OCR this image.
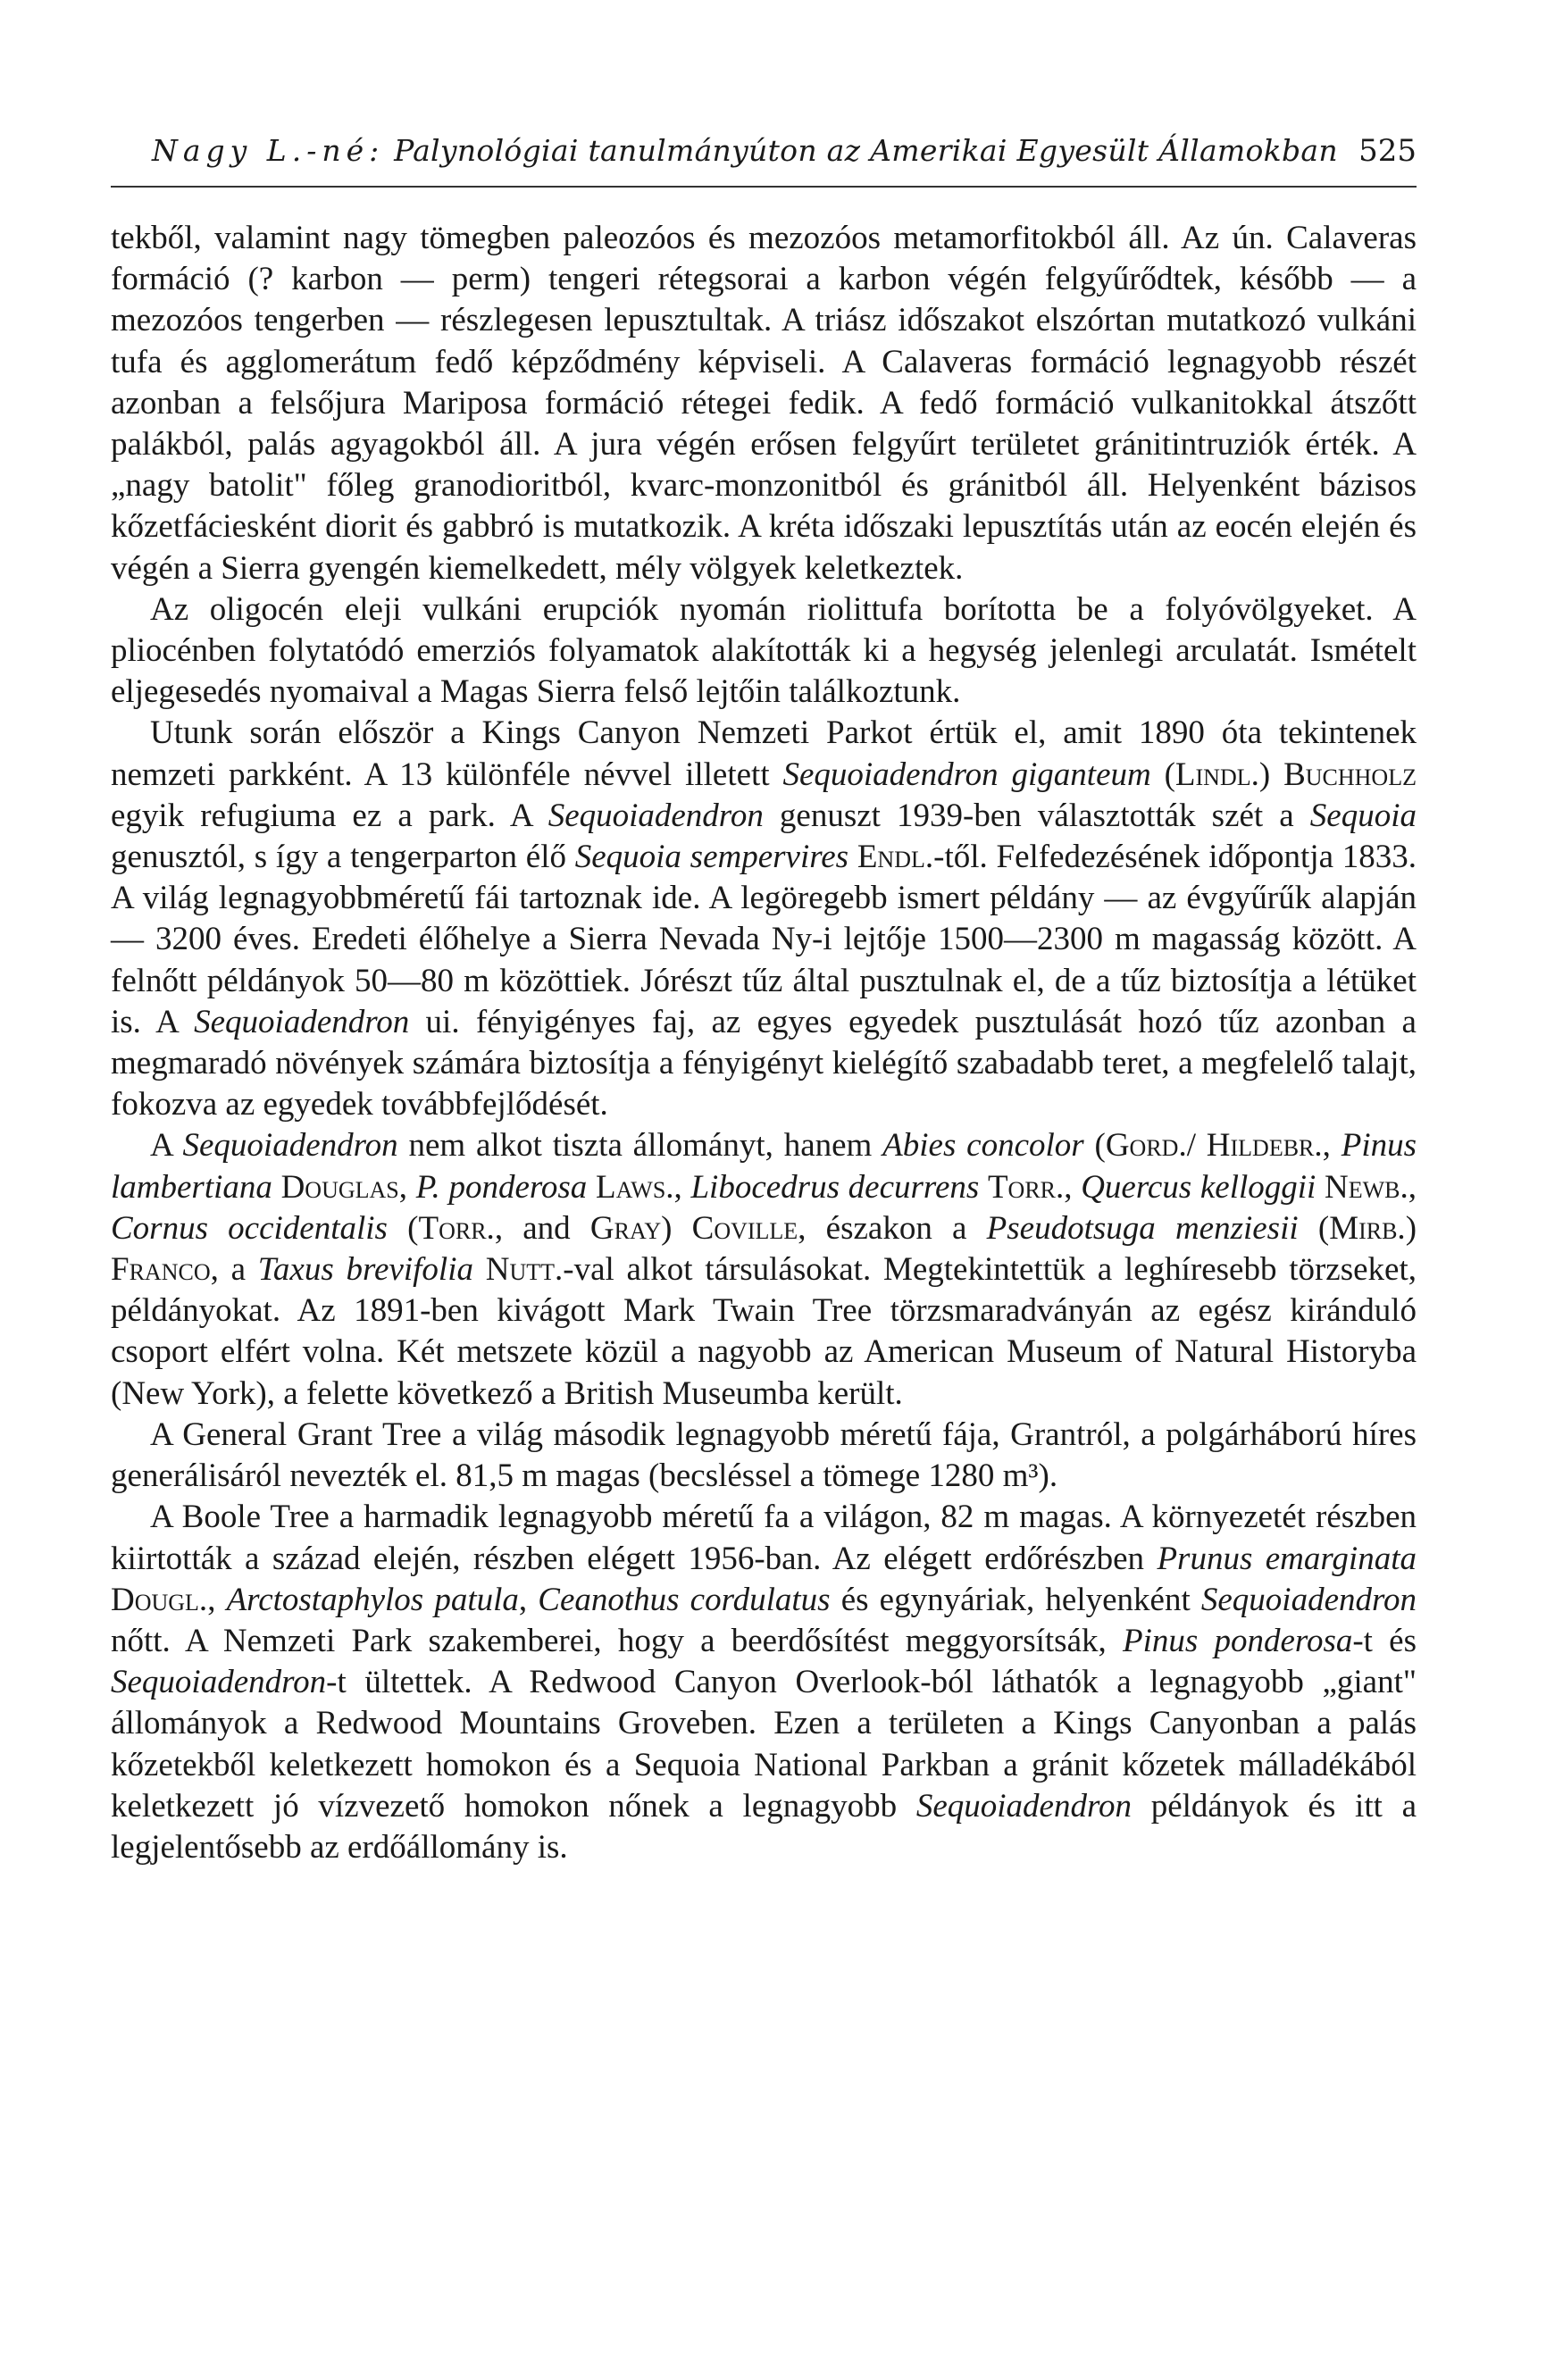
Nagy L.-né: Palynológiai tanulmányúton az Amerikai Egyesült Államokban 525

tekből, valamint nagy tömegben paleozóos és mezozóos metamorfitokból áll. Az ún. Calaveras formáció (? karbon — perm) tengeri rétegsorai a karbon végén felgyűrődtek, később — a mezozóos tengerben — részlegesen lepusztultak. A triász időszakot elszórtan mutatkozó vulkáni tufa és agglomerátum fedő képződmény képviseli. A Calaveras formáció legnagyobb részét azonban a felsőjura Mariposa formáció rétegei fedik. A fedő formáció vulkanitokkal átszőtt palákból, palás agyagokból áll. A jura végén erősen felgyűrt területet gránitintruziók érték. A „nagy batolit" főleg granodioritból, kvarc-monzonitból és gránitból áll. Helyenként bázisos kőzetfáciesként diorit és gabbró is mutatkozik. A kréta időszaki lepusztítás után az eocén elején és végén a Sierra gyengén kiemelkedett, mély völgyek keletkeztek.

Az oligocén eleji vulkáni erupciók nyomán riolittufa borította be a folyóvölgyeket. A pliocénben folytatódó emerziós folyamatok alakították ki a hegység jelenlegi arculatát. Ismételt eljegesedés nyomaival a Magas Sierra felső lejtőin találkoztunk.

Utunk során először a Kings Canyon Nemzeti Parkot értük el, amit 1890 óta tekintenek nemzeti parkként. A 13 különféle névvel illetett Sequoiadendron giganteum (Lindl.) Buchholz egyik refugiuma ez a park. A Sequoiadendron genuszt 1939-ben választották szét a Sequoia genusztól, s így a tengerparton élő Sequoia sempervires Endl.-től. Felfedezésének időpontja 1833. A világ legnagyobbméretű fái tartoznak ide. A legöregebb ismert példány — az évgyűrűk alapján — 3200 éves. Eredeti élőhelye a Sierra Nevada Ny-i lejtője 1500—2300 m magasság között. A felnőtt példányok 50—80 m közöttiek. Jórészt tűz által pusztulnak el, de a tűz biztosítja a létüket is. A Sequoiadendron ui. fényigényes faj, az egyes egyedek pusztulását hozó tűz azonban a megmaradó növények számára biztosítja a fényigényt kielégítő szabadabb teret, a megfelelő talajt, fokozva az egyedek továbbfejlődését.

A Sequoiadendron nem alkot tiszta állományt, hanem Abies concolor (Gord./ Hildebr., Pinus lambertiana Douglas, P. ponderosa Laws., Libocedrus decurrens Torr., Quercus kelloggii Newb., Cornus occidentalis (Torr., and Gray) Coville, északon a Pseudotsuga menziesii (Mirb.) Franco, a Taxus brevifolia Nutt.-val alkot társulásokat. Megtekintettük a leghíresebb törzseket, példányokat. Az 1891-ben kivágott Mark Twain Tree törzsmaradványán az egész kiránduló csoport elfért volna. Két metszete közül a nagyobb az American Museum of Natural Historyba (New York), a felette következő a British Museumba került.

A General Grant Tree a világ második legnagyobb méretű fája, Grantról, a polgárháború híres generálisáról nevezték el. 81,5 m magas (becsléssel a tömege 1280 m³).

A Boole Tree a harmadik legnagyobb méretű fa a világon, 82 m magas. A környezetét részben kiirtották a század elején, részben elégett 1956-ban. Az elégett erdőrészben Prunus emarginata Dougl., Arctostaphylos patula, Ceanothus cordulatus és egynyáriak, helyenként Sequoiadendron nőtt. A Nemzeti Park szakemberei, hogy a beerdősítést meggyorsítsák, Pinus ponderosa-t és Sequoiadendron-t ültettek. A Redwood Canyon Overlook-ból láthatók a legnagyobb „giant" állományok a Redwood Mountains Groveben. Ezen a területen a Kings Canyonban a palás kőzetekből keletkezett homokon és a Sequoia National Parkban a gránit kőzetek málladékából keletkezett jó vízvezető homokon nőnek a legnagyobb Sequoiadendron példányok és itt a legjelentősebb az erdőállomány is.
